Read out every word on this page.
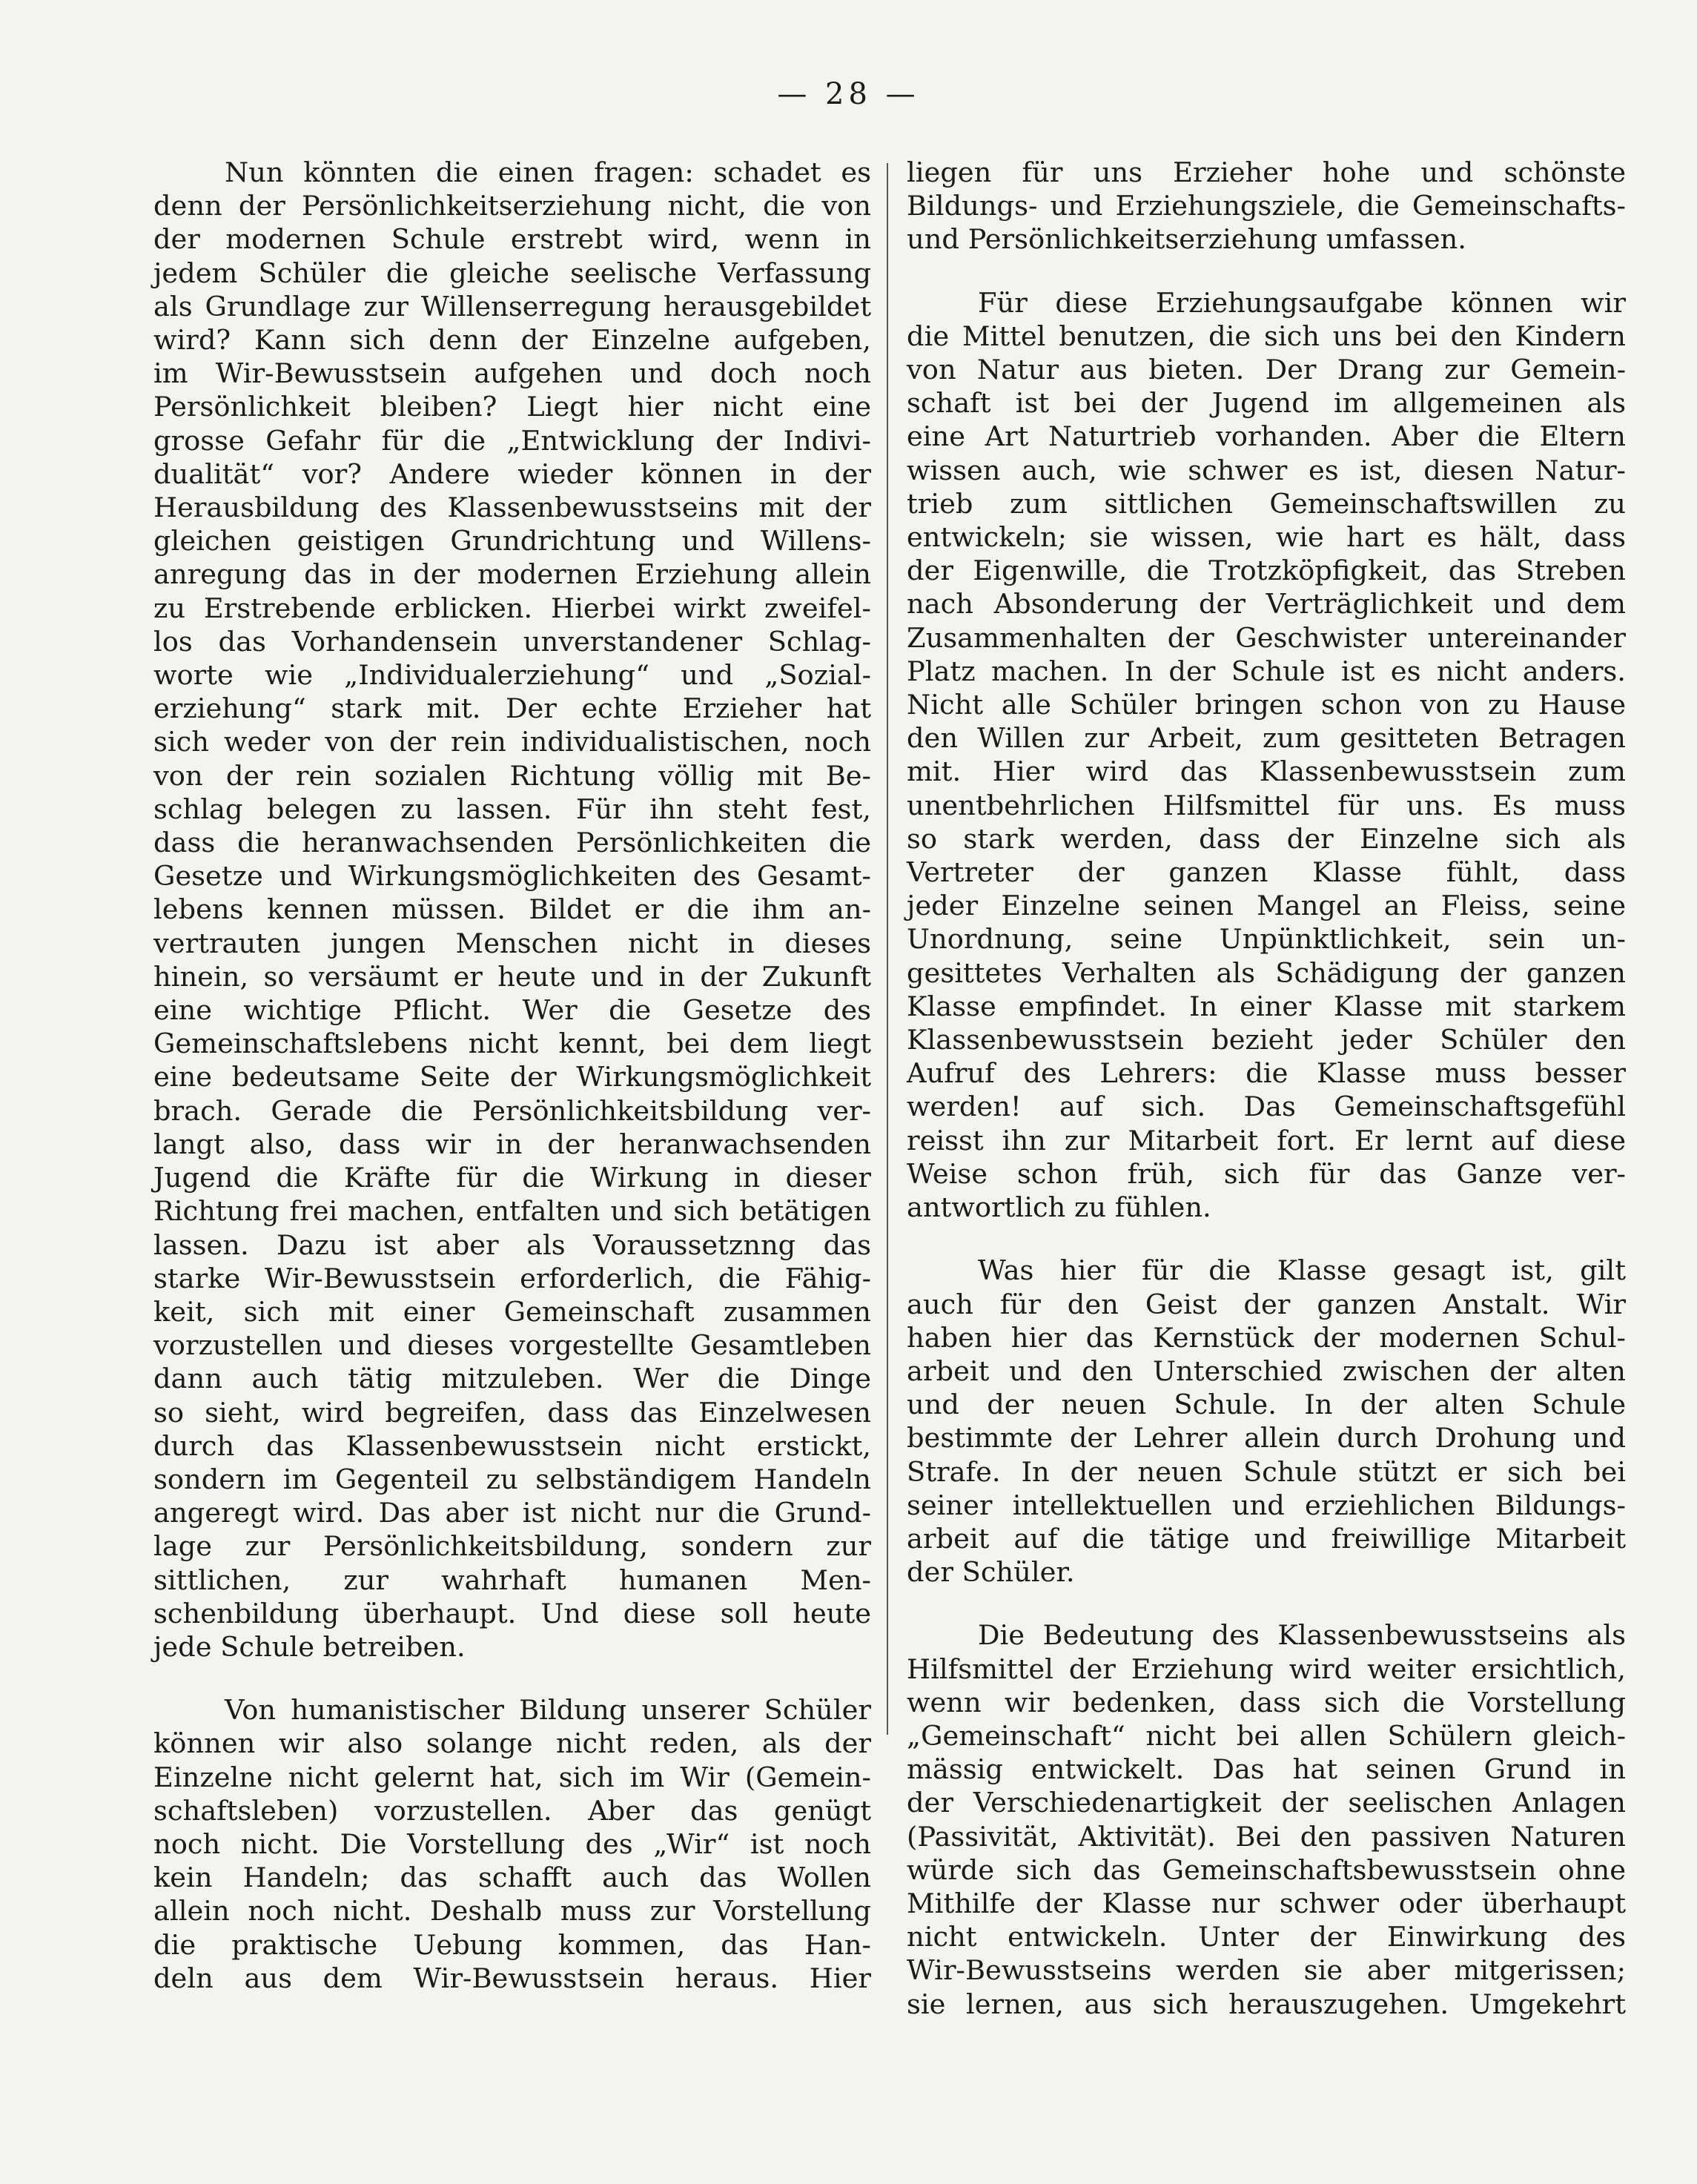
— 28 —
Nun könnten die einen fragen: schadet es
denn der Persönlichkeitserziehung nicht, die von
der modernen Schule erstrebt wird, wenn in
jedem Schüler die gleiche seelische Verfassung
als Grundlage zur Willenserregung herausgebildet
wird? Kann sich denn der Einzelne aufgeben,
im Wir-Bewusstsein aufgehen und doch noch
Persönlichkeit bleiben? Liegt hier nicht eine
grosse Gefahr für die „Entwicklung der Indivi-
dualität“ vor? Andere wieder können in der
Herausbildung des Klassenbewusstseins mit der
gleichen geistigen Grundrichtung und Willens-
anregung das in der modernen Erziehung allein
zu Erstrebende erblicken. Hierbei wirkt zweifel-
los das Vorhandensein unverstandener Schlag-
worte wie „Individualerziehung“ und „Sozial-
erziehung“ stark mit. Der echte Erzieher hat
sich weder von der rein individualistischen, noch
von der rein sozialen Richtung völlig mit Be-
schlag belegen zu lassen. Für ihn steht fest,
dass die heranwachsenden Persönlichkeiten die
Gesetze und Wirkungsmöglichkeiten des Gesamt-
lebens kennen müssen. Bildet er die ihm an-
vertrauten jungen Menschen nicht in dieses
hinein, so versäumt er heute und in der Zukunft
eine wichtige Pflicht. Wer die Gesetze des
Gemeinschaftslebens nicht kennt, bei dem liegt
eine bedeutsame Seite der Wirkungsmöglichkeit
brach. Gerade die Persönlichkeitsbildung ver-
langt also, dass wir in der heranwachsenden
Jugend die Kräfte für die Wirkung in dieser
Richtung frei machen, entfalten und sich betätigen
lassen. Dazu ist aber als Voraussetznng das
starke Wir-Bewusstsein erforderlich, die Fähig-
keit, sich mit einer Gemeinschaft zusammen
vorzustellen und dieses vorgestellte Gesamtleben
dann auch tätig mitzuleben. Wer die Dinge
so sieht, wird begreifen, dass das Einzelwesen
durch das Klassenbewusstsein nicht erstickt,
sondern im Gegenteil zu selbständigem Handeln
angeregt wird. Das aber ist nicht nur die Grund-
lage zur Persönlichkeitsbildung, sondern zur
sittlichen, zur wahrhaft humanen Men-
schenbildung überhaupt. Und diese soll heute
jede Schule betreiben.
Von humanistischer Bildung unserer Schüler
können wir also solange nicht reden, als der
Einzelne nicht gelernt hat, sich im Wir (Gemein-
schaftsleben) vorzustellen. Aber das genügt
noch nicht. Die Vorstellung des „Wir“ ist noch
kein Handeln; das schafft auch das Wollen
allein noch nicht. Deshalb muss zur Vorstellung
die praktische Uebung kommen, das Han-
deln aus dem Wir-Bewusstsein heraus. Hier
liegen für uns Erzieher hohe und schönste
Bildungs- und Erziehungsziele, die Gemeinschafts-
und Persönlichkeitserziehung umfassen.
Für diese Erziehungsaufgabe können wir
die Mittel benutzen, die sich uns bei den Kindern
von Natur aus bieten. Der Drang zur Gemein-
schaft ist bei der Jugend im allgemeinen als
eine Art Naturtrieb vorhanden. Aber die Eltern
wissen auch, wie schwer es ist, diesen Natur-
trieb zum sittlichen Gemeinschaftswillen zu
entwickeln; sie wissen, wie hart es hält, dass
der Eigenwille, die Trotzköpfigkeit, das Streben
nach Absonderung der Verträglichkeit und dem
Zusammenhalten der Geschwister untereinander
Platz machen. In der Schule ist es nicht anders.
Nicht alle Schüler bringen schon von zu Hause
den Willen zur Arbeit, zum gesitteten Betragen
mit. Hier wird das Klassenbewusstsein zum
unentbehrlichen Hilfsmittel für uns. Es muss
so stark werden, dass der Einzelne sich als
Vertreter der ganzen Klasse fühlt, dass
jeder Einzelne seinen Mangel an Fleiss, seine
Unordnung, seine Unpünktlichkeit, sein un-
gesittetes Verhalten als Schädigung der ganzen
Klasse empfindet. In einer Klasse mit starkem
Klassenbewusstsein bezieht jeder Schüler den
Aufruf des Lehrers: die Klasse muss besser
werden! auf sich. Das Gemeinschaftsgefühl
reisst ihn zur Mitarbeit fort. Er lernt auf diese
Weise schon früh, sich für das Ganze ver-
antwortlich zu fühlen.
Was hier für die Klasse gesagt ist, gilt
auch für den Geist der ganzen Anstalt. Wir
haben hier das Kernstück der modernen Schul-
arbeit und den Unterschied zwischen der alten
und der neuen Schule. In der alten Schule
bestimmte der Lehrer allein durch Drohung und
Strafe. In der neuen Schule stützt er sich bei
seiner intellektuellen und erziehlichen Bildungs-
arbeit auf die tätige und freiwillige Mitarbeit
der Schüler.
Die Bedeutung des Klassenbewusstseins als
Hilfsmittel der Erziehung wird weiter ersichtlich,
wenn wir bedenken, dass sich die Vorstellung
„Gemeinschaft“ nicht bei allen Schülern gleich-
mässig entwickelt. Das hat seinen Grund in
der Verschiedenartigkeit der seelischen Anlagen
(Passivität, Aktivität). Bei den passiven Naturen
würde sich das Gemeinschaftsbewusstsein ohne
Mithilfe der Klasse nur schwer oder überhaupt
nicht entwickeln. Unter der Einwirkung des
Wir-Bewusstseins werden sie aber mitgerissen;
sie lernen, aus sich herauszugehen. Umgekehrt
